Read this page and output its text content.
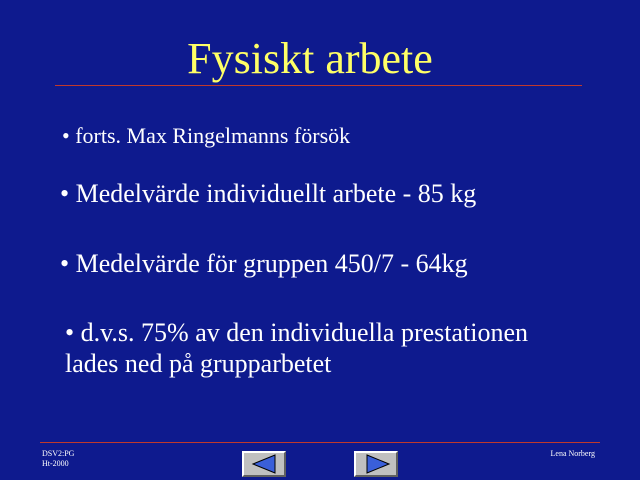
Fysiskt arbete
• forts. Max Ringelmanns försök
• Medelvärde individuellt arbete - 85 kg
• Medelvärde för gruppen 450/7 - 64kg
• d.v.s. 75% av den individuella prestationen
lades ned på grupparbetet
DSV2:PG
Ht-2000
Lena Norberg
